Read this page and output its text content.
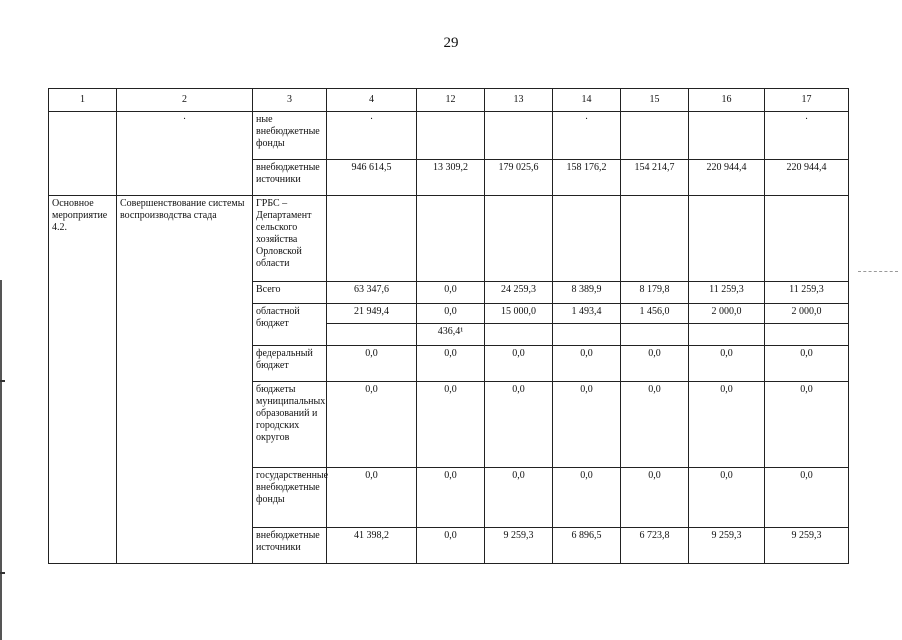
29
1	2	3	4	12	13	14	15	16	17

	·	ные внебюджетные фонды	·			·			·

		внебюджетные источники	946 614,5	13 309,2	179 025,6	158 176,2	154 214,7	220 944,4	220 944,4
Основное мероприятие 4.2.	Совершенствование системы воспроизводства стада	ГРБС – Департамент сельского хозяйства Орловской области							
		Всего	63 347,6	0,0	24 259,3	8 389,9	8 179,8	11 259,3	11 259,3
		областной бюджет	21 949,4	0,0	15 000,0	1 493,4	1 456,0	2 000,0	2 000,0
				436,4¹					
		федеральный бюджет	0,0	0,0	0,0	0,0	0,0	0,0	0,0
		бюджеты муниципальных образований и городских округов	0,0	0,0	0,0	0,0	0,0	0,0	0,0
		государственные внебюджетные фонды	0,0	0,0	0,0	0,0	0,0	0,0	0,0
		внебюджетные источники	41 398,2	0,0	9 259,3	6 896,5	6 723,8	9 259,3	9 259,3
